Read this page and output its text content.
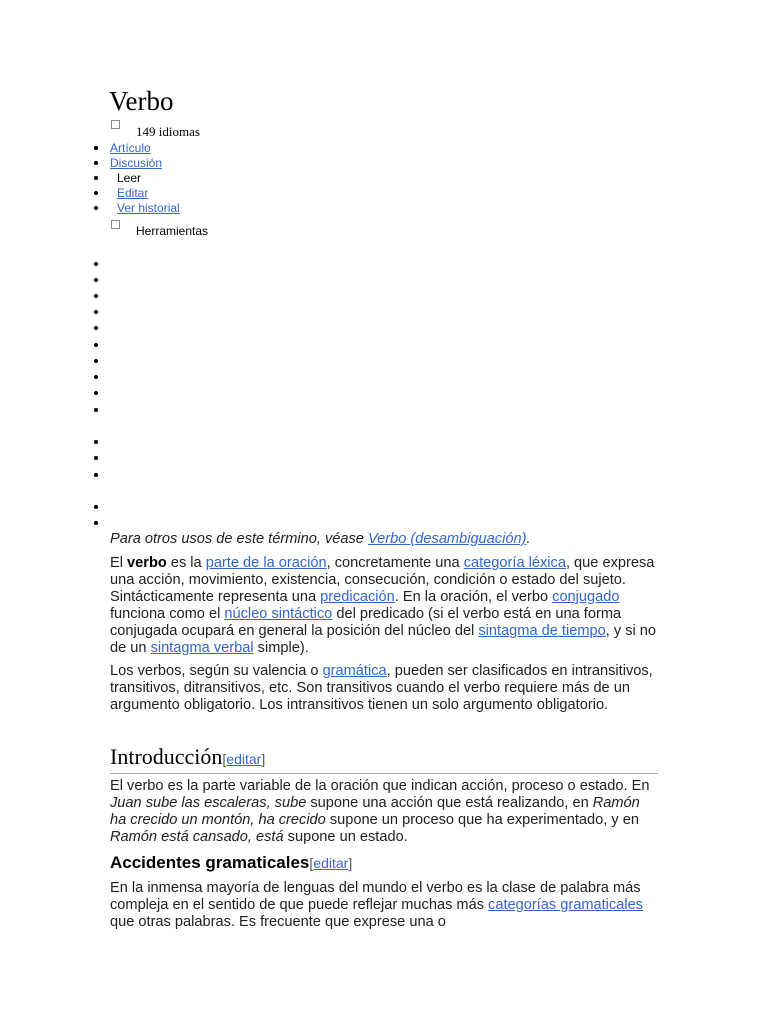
Verbo
149 idiomas
Artículo
Discusión
Leer
Editar
Ver historial
Herramientas

Para otros usos de este término, véase Verbo (desambiguación).

El verbo es la parte de la oración, concretamente una categoría léxica, que expresa una acción, movimiento, existencia, consecución, condición o estado del sujeto. Sintácticamente representa una predicación. En la oración, el verbo conjugado funciona como el núcleo sintáctico del predicado (si el verbo está en una forma conjugada ocupará en general la posición del núcleo del sintagma de tiempo, y si no de un sintagma verbal simple).

Los verbos, según su valencia o gramática, pueden ser clasificados en intransitivos, transitivos, ditransitivos, etc. Son transitivos cuando el verbo requiere más de un argumento obligatorio. Los intransitivos tienen un solo argumento obligatorio.

Introducción[editar]

El verbo es la parte variable de la oración que indican acción, proceso o estado. En Juan sube las escaleras, sube supone una acción que está realizando, en Ramón ha crecido un montón, ha crecido supone un proceso que ha experimentado, y en Ramón está cansado, está supone un estado.

Accidentes gramaticales[editar]

En la inmensa mayoría de lenguas del mundo el verbo es la clase de palabra más compleja en el sentido de que puede reflejar muchas más categorías gramaticales que otras palabras. Es frecuente que exprese una o
